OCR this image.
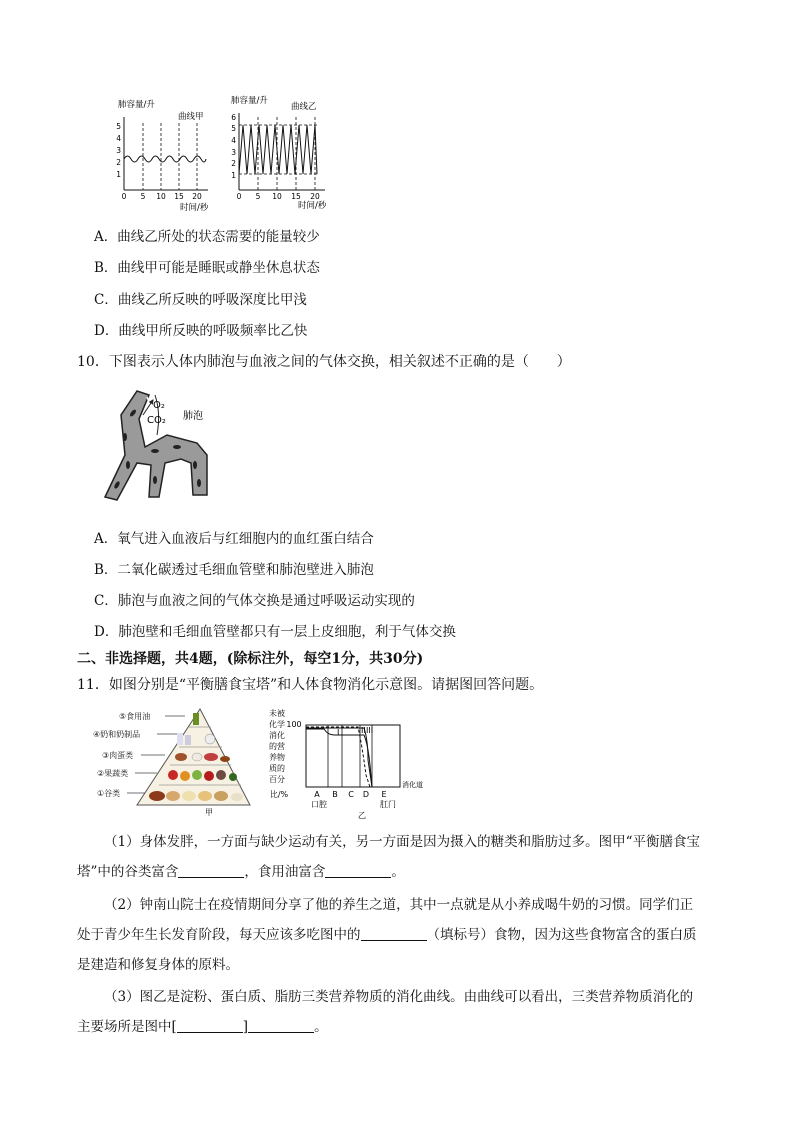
肺容量/升
曲线甲
5
4
3
2
1
0 5 10 15 20
时间/秒
肺容量/升
曲线乙
6
5
4
3
2
1
0 5 10 15 20
时间/秒
A．曲线乙所处的状态需要的能量较少
B．曲线甲可能是睡眠或静坐休息状态
C．曲线乙所反映的呼吸深度比甲浅
D．曲线甲所反映的呼吸频率比乙快
10．下图表示人体内肺泡与血液之间的气体交换，相关叙述不正确的是（　　）
O₂
CO₂ 肺泡
A．氧气进入血液后与红细胞内的血红蛋白结合
B．二氧化碳透过毛细血管壁和肺泡壁进入肺泡
C．肺泡与血液之间的气体交换是通过呼吸运动实现的
D．肺泡壁和毛细血管壁都只有一层上皮细胞，利于气体交换
二、非选择题，共4题，(除标注外，每空1分，共30分)
11．如图分别是“平衡膳食宝塔”和人体食物消化示意图。请据图回答问题。
⑤食用油
④奶和奶制品
③肉蛋类
②果蔬类
①谷类
甲
未被
化学
消化
的营
养物
质的
百分
比/%
100
I	II III
A B C D E
口腔	肛门
乙
消化道
（1）身体发胖，一方面与缺少运动有关，另一方面是因为摄入的糖类和脂肪过多。图甲“平衡膳食宝
塔”中的谷类富含	，食用油富含	。
（2）钟南山院士在疫情期间分享了他的养生之道，其中一点就是从小养成喝牛奶的习惯。同学们正
处于青少年生长发育阶段，每天应该多吃图中的	（填标号）食物，因为这些食物富含的蛋白质
是建造和修复身体的原料。
（3）图乙是淀粉、蛋白质、脂肪三类营养物质的消化曲线。由曲线可以看出，三类营养物质消化的
主要场所是图中[	]	。
